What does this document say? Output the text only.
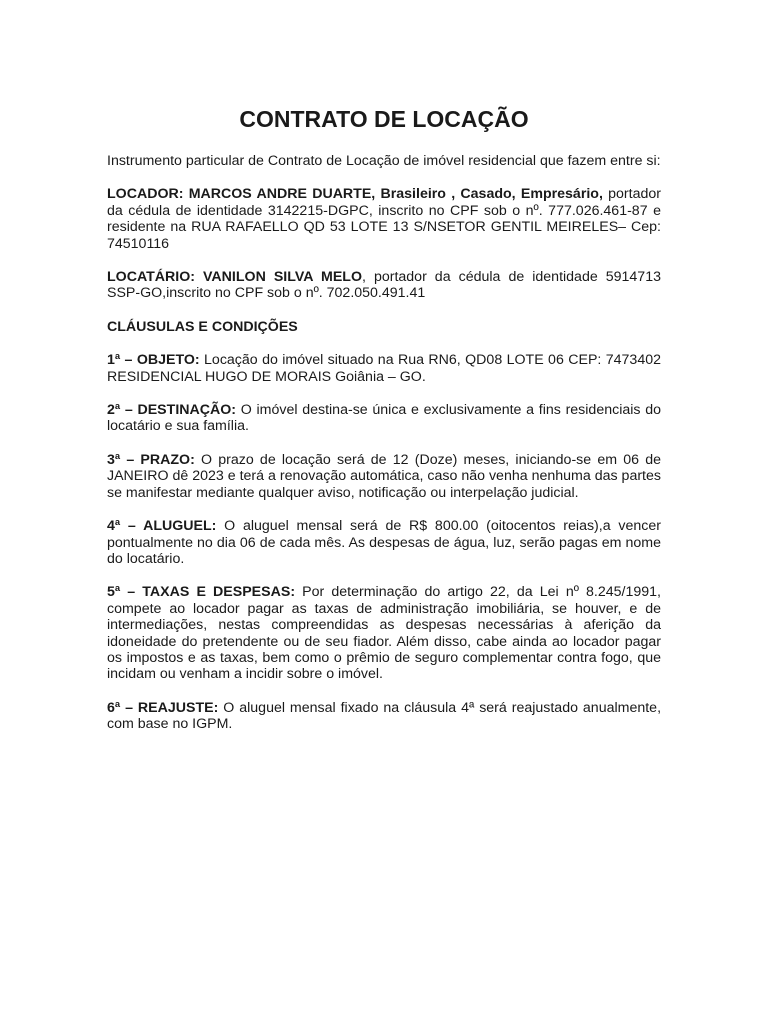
CONTRATO DE LOCAÇÃO

Instrumento particular de Contrato de Locação de imóvel residencial que fazem entre si:

LOCADOR: MARCOS ANDRE DUARTE, Brasileiro , Casado, Empresário, portador da cédula de identidade 3142215-DGPC, inscrito no CPF sob o nº. 777.026.461-87 e residente na RUA RAFAELLO QD 53 LOTE 13 S/NSETOR GENTIL MEIRELES– Cep: 74510116

LOCATÁRIO: VANILON SILVA MELO, portador da cédula de identidade 5914713 SSP-GO,inscrito no CPF sob o nº. 702.050.491.41

CLÁUSULAS E CONDIÇÕES

1ª – OBJETO: Locação do imóvel situado na Rua RN6, QD08 LOTE 06 CEP: 7473402 RESIDENCIAL HUGO DE MORAIS Goiânia – GO.

2ª – DESTINAÇÃO: O imóvel destina-se única e exclusivamente a fins residenciais do locatário e sua família.

3ª – PRAZO: O prazo de locação será de 12 (Doze) meses, iniciando-se em 06 de JANEIRO dê 2023 e terá a renovação automática, caso não venha nenhuma das partes se manifestar mediante qualquer aviso, notificação ou interpelação judicial.

4ª – ALUGUEL: O aluguel mensal será de R$ 800.00 (oitocentos reias),a vencer pontualmente no dia 06 de cada mês. As despesas de água, luz, serão pagas em nome do locatário.

5ª – TAXAS E DESPESAS: Por determinação do artigo 22, da Lei nº 8.245/1991, compete ao locador pagar as taxas de administração imobiliária, se houver, e de intermediações, nestas compreendidas as despesas necessárias à aferição da idoneidade do pretendente ou de seu fiador. Além disso, cabe ainda ao locador pagar os impostos e as taxas, bem como o prêmio de seguro complementar contra fogo, que incidam ou venham a incidir sobre o imóvel.

6ª – REAJUSTE: O aluguel mensal fixado na cláusula 4ª será reajustado anualmente, com base no IGPM.
